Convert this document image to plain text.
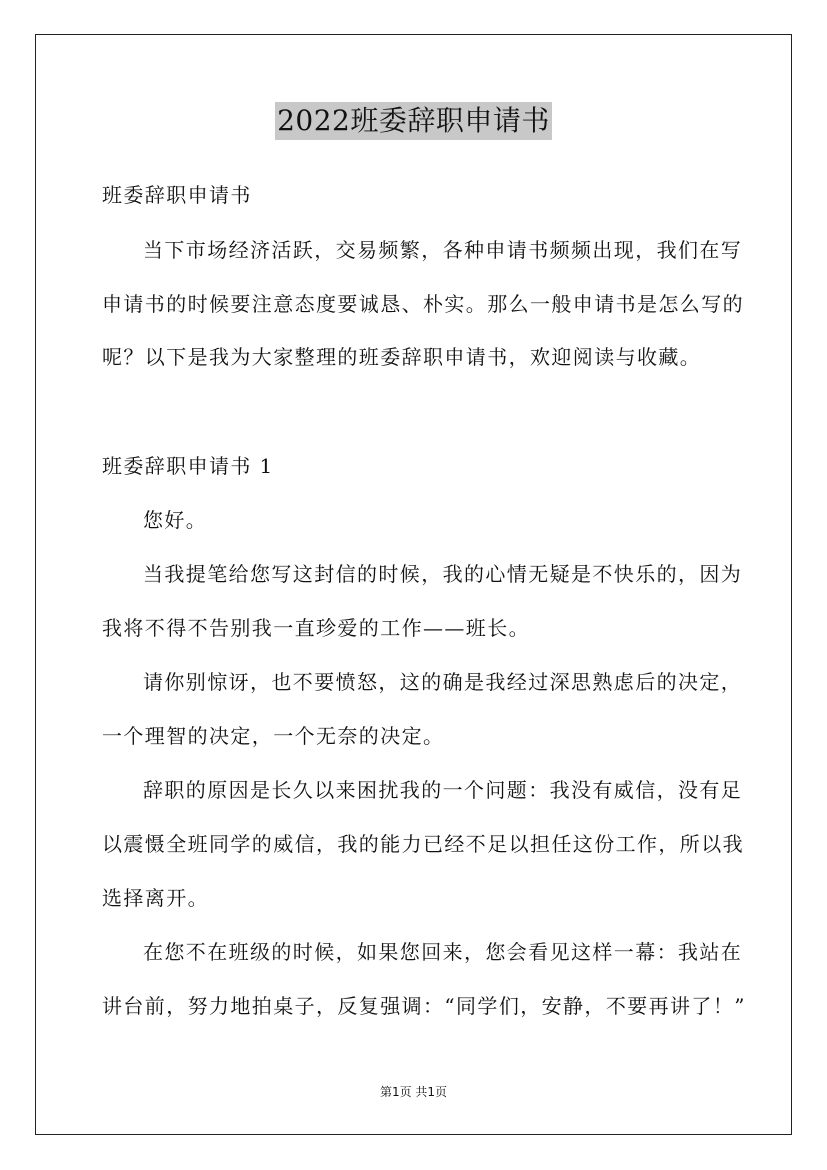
2022班委辞职申请书
班委辞职申请书
当下市场经济活跃，交易频繁，各种申请书频频出现，我们在写
申请书的时候要注意态度要诚恳、朴实。那么一般申请书是怎么写的
呢？以下是我为大家整理的班委辞职申请书，欢迎阅读与收藏。
班委辞职申请书 1
您好。
当我提笔给您写这封信的时候，我的心情无疑是不快乐的，因为
我将不得不告别我一直珍爱的工作——班长。
请你别惊讶，也不要愤怒，这的确是我经过深思熟虑后的决定，
一个理智的决定，一个无奈的决定。
辞职的原因是长久以来困扰我的一个问题：我没有威信，没有足
以震慑全班同学的威信，我的能力已经不足以担任这份工作，所以我
选择离开。
在您不在班级的时候，如果您回来，您会看见这样一幕：我站在
讲台前，努力地拍桌子，反复强调：“同学们，安静，不要再讲了！”
第1页 共1页
